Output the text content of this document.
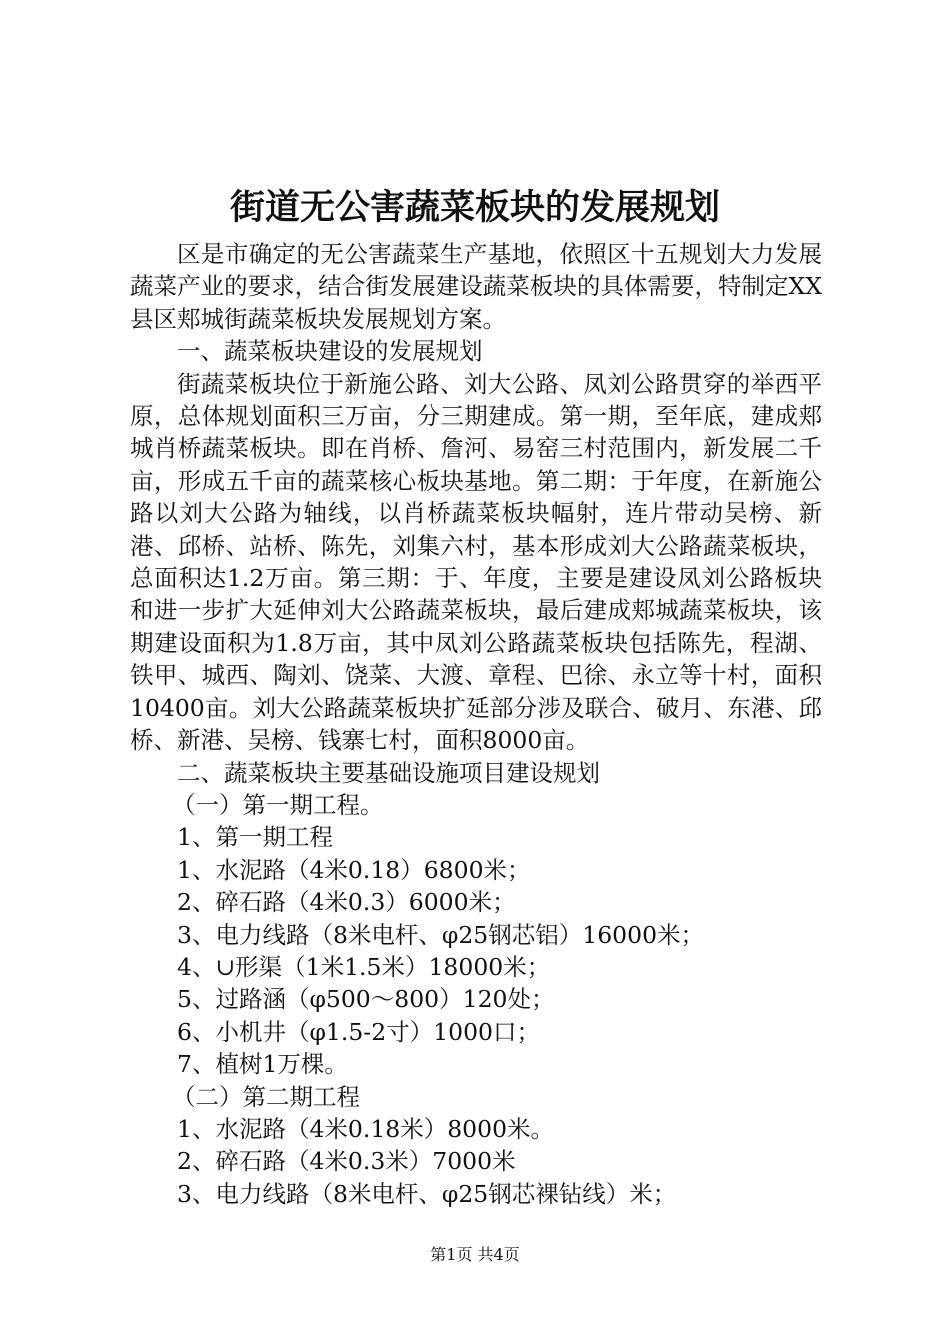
街道无公害蔬菜板块的发展规划

区是市确定的无公害蔬菜生产基地，依照区十五规划大力发展蔬菜产业的要求，结合街发展建设蔬菜板块的具体需要，特制定XX县区郏城街蔬菜板块发展规划方案。

一、蔬菜板块建设的发展规划

街蔬菜板块位于新施公路、刘大公路、凤刘公路贯穿的举西平原，总体规划面积三万亩，分三期建成。第一期，至年底，建成郏城肖桥蔬菜板块。即在肖桥、詹河、易窑三村范围内，新发展二千亩，形成五千亩的蔬菜核心板块基地。第二期：于年度，在新施公路以刘大公路为轴线，以肖桥蔬菜板块幅射，连片带动吴榜、新港、邱桥、站桥、陈先，刘集六村，基本形成刘大公路蔬菜板块，总面积达1.2万亩。第三期：于、年度，主要是建设凤刘公路板块和进一步扩大延伸刘大公路蔬菜板块，最后建成郏城蔬菜板块，该期建设面积为1.8万亩，其中凤刘公路蔬菜板块包括陈先，程湖、铁甲、城西、陶刘、饶菜、大渡、章程、巴徐、永立等十村，面积10400亩。刘大公路蔬菜板块扩延部分涉及联合、破月、东港、邱桥、新港、吴榜、钱寨七村，面积8000亩。

二、蔬菜板块主要基础设施项目建设规划

（一）第一期工程。

1、第一期工程

1、水泥路（4米0.18）6800米；

2、碎石路（4米0.3）6000米；

3、电力线路（8米电杆、φ25钢芯铝）16000米；

4、∪形渠（1米1.5米）18000米；

5、过路涵（φ500～800）120处；

6、小机井（φ1.5-2寸）1000口；

7、植树1万棵。

（二）第二期工程

1、水泥路（4米0.18米）8000米。

2、碎石路（4米0.3米）7000米

3、电力线路（8米电杆、φ25钢芯裸钻线）米；

第1页 共4页
